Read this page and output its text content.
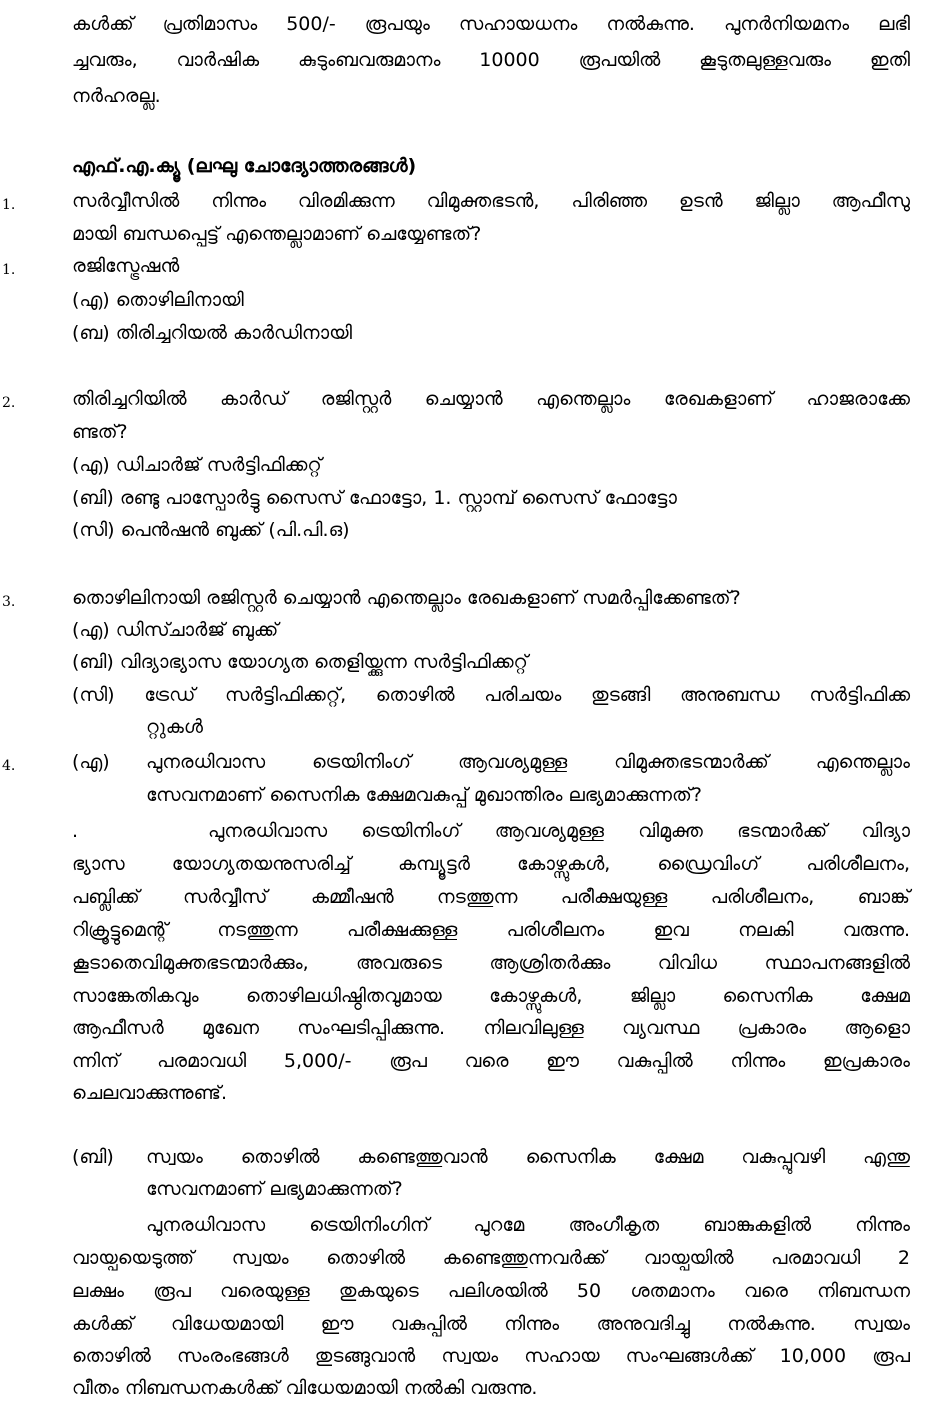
കൾക്ക് പ്രതിമാസം 500/- രൂപയും സഹായധനം നൽകുന്നു. പുനർനിയമനം ലഭി
ച്ചവരും, വാർഷിക കുടുംബവരുമാനം 10000 രൂപയിൽ കൂടുതലുള്ളവരും ഇതി
നർഹരല്ല.
എഫ്.എ.ക്യൂ (ലഘു ചോദ്യോത്തരങ്ങൾ)
1.	സർവ്വീസിൽ നിന്നും വിരമിക്കുന്ന വിമുക്തഭടൻ, പിരിഞ്ഞ ഉടൻ ജില്ലാ ആഫീസു
മായി ബന്ധപ്പെട്ട് എന്തെല്ലാമാണ് ചെയ്യേണ്ടത്?
1.	രജിസ്ട്രേഷൻ
(എ) തൊഴിലിനായി
(ബ) തിരിച്ചറിയൽ കാർഡിനായി
2.	തിരിച്ചറിയിൽ കാർഡ് രജിസ്റ്റർ ചെയ്യാൻ എന്തെല്ലാം രേഖകളാണ് ഹാജരാക്കേ
ണ്ടത്?
(എ) ഡിചാർജ് സർട്ടിഫിക്കറ്റ്
(ബി) രണ്ടു പാസ്പോർട്ടു സൈസ് ഫോട്ടോ, 1. സ്റ്റാമ്പ് സൈസ് ഫോട്ടോ
(സി) പെൻഷൻ ബുക്ക് (പി.പി.ഒ)
3.	തൊഴിലിനായി രജിസ്റ്റർ ചെയ്യാൻ എന്തെല്ലാം രേഖകളാണ് സമർപ്പിക്കേണ്ടത്?
(എ) ഡിസ്ചാർജ് ബുക്ക്
(ബി) വിദ്യാഭ്യാസ യോഗ്യത തെളിയ്ക്കുന്ന സർട്ടിഫിക്കറ്റ്
(സി) ട്രേഡ് സർട്ടിഫിക്കറ്റ്, തൊഴിൽ പരിചയം തുടങ്ങി അനുബന്ധ സർട്ടിഫിക്ക
റ്റുകൾ
4.	(എ) പുനരധിവാസ ട്രെയിനിംഗ് ആവശ്യമുള്ള വിമുക്തഭടന്മാർക്ക് എന്തെല്ലാം
സേവനമാണ് സൈനിക ക്ഷേമവകുപ്പ് മുഖാന്തിരം ലഭ്യമാക്കുന്നത്?
.	പുനരധിവാസ ട്രെയിനിംഗ് ആവശ്യമുള്ള വിമുക്ത ഭടന്മാർക്ക് വിദ്യാ
ഭ്യാസ യോഗ്യതയനുസരിച്ച് കമ്പ്യൂട്ടർ കോഴ്സുകൾ, ഡ്രൈവിംഗ് പരിശീലനം,
പബ്ലിക്ക് സർവ്വീസ് കമ്മീഷൻ നടത്തുന്ന പരീക്ഷയുള്ള പരിശീലനം, ബാങ്ക്
റിക്രൂട്ടുമെന്റ് നടത്തുന്ന പരീക്ഷക്കുള്ള പരിശീലനം ഇവ നലകി വരുന്നു.
കൂടാതെവിമുക്തഭടന്മാർക്കും, അവരുടെ ആശ്രിതർക്കും വിവിധ സ്ഥാപനങ്ങളിൽ
സാങ്കേതികവും തൊഴിലധിഷ്ഠിതവുമായ കോഴ്സുകൾ, ജില്ലാ സൈനിക ക്ഷേമ
ആഫീസർ മുഖേന സംഘടിപ്പിക്കുന്നു. നിലവിലുള്ള വ്യവസ്ഥ പ്രകാരം ആളൊ
ന്നിന് പരമാവധി 5,000/- രൂപ വരെ ഈ വകുപ്പിൽ നിന്നും ഇപ്രകാരം
ചെലവാക്കുന്നുണ്ട്.
(ബി) സ്വയം തൊഴിൽ കണ്ടെത്തുവാൻ സൈനിക ക്ഷേമ വകുപ്പുവഴി എന്തു
സേവനമാണ് ലഭ്യമാക്കുന്നത്?
പുനരധിവാസ ട്രെയിനിംഗിന് പുറമേ അംഗീകൃത ബാങ്കുകളിൽ നിന്നും
വായ്പയെടുത്ത് സ്വയം തൊഴിൽ കണ്ടെത്തുന്നവർക്ക് വായ്പയിൽ പരമാവധി 2
ലക്ഷം രൂപ വരെയുള്ള തുകയുടെ പലിശയിൽ 50 ശതമാനം വരെ നിബന്ധന
കൾക്ക് വിധേയമായി ഈ വകുപ്പിൽ നിന്നും അനുവദിച്ചു നൽകുന്നു. സ്വയം
തൊഴിൽ സംരംഭങ്ങൾ തുടങ്ങുവാൻ സ്വയം സഹായ സംഘങ്ങൾക്ക് 10,000 രൂപ
വീതം നിബന്ധനകൾക്ക് വിധേയമായി നൽകി വരുന്നു.
